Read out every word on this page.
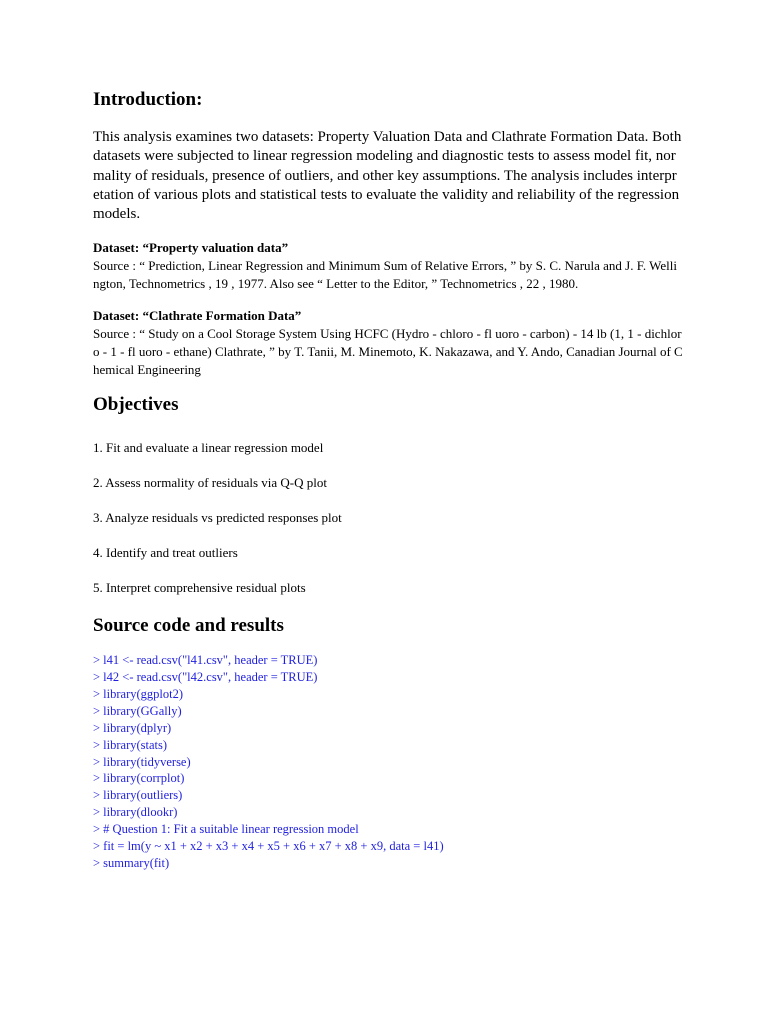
Introduction:

This analysis examines two datasets: Property Valuation Data and Clathrate Formation Data. Both datasets were subjected to linear regression modeling and diagnostic tests to assess model fit, normality of residuals, presence of outliers, and other key assumptions. The analysis includes interpretation of various plots and statistical tests to evaluate the validity and reliability of the regression models.

Dataset: “Property valuation data”
Source : “ Prediction, Linear Regression and Minimum Sum of Relative Errors, ” by S. C. Narula and J. F. Wellington, Technometrics , 19 , 1977. Also see “ Letter to the Editor, ” Technometrics , 22 , 1980.
Dataset: “Clathrate Formation Data”
Source : “ Study on a Cool Storage System Using HCFC (Hydro - chloro - fl uoro - carbon) - 14 lb (1, 1 - dichloro - 1 - fl uoro - ethane) Clathrate, ” by T. Tanii, M. Minemoto, K. Nakazawa, and Y. Ando, Canadian Journal of Chemical Engineering
Objectives

1. Fit and evaluate a linear regression model

2. Assess normality of residuals via Q-Q plot

3. Analyze residuals vs predicted responses plot

4. Identify and treat outliers

5. Interpret comprehensive residual plots

Source code and results

> l41 <- read.csv("l41.csv", header = TRUE)

> l42 <- read.csv("l42.csv", header = TRUE)

> library(ggplot2)

> library(GGally)

> library(dplyr)

> library(stats)

> library(tidyverse)

> library(corrplot)

> library(outliers)

> library(dlookr)

> # Question 1: Fit a suitable linear regression model

> fit = lm(y ~ x1 + x2 + x3 + x4 + x5 + x6 + x7 + x8 + x9, data = l41)

> summary(fit)
